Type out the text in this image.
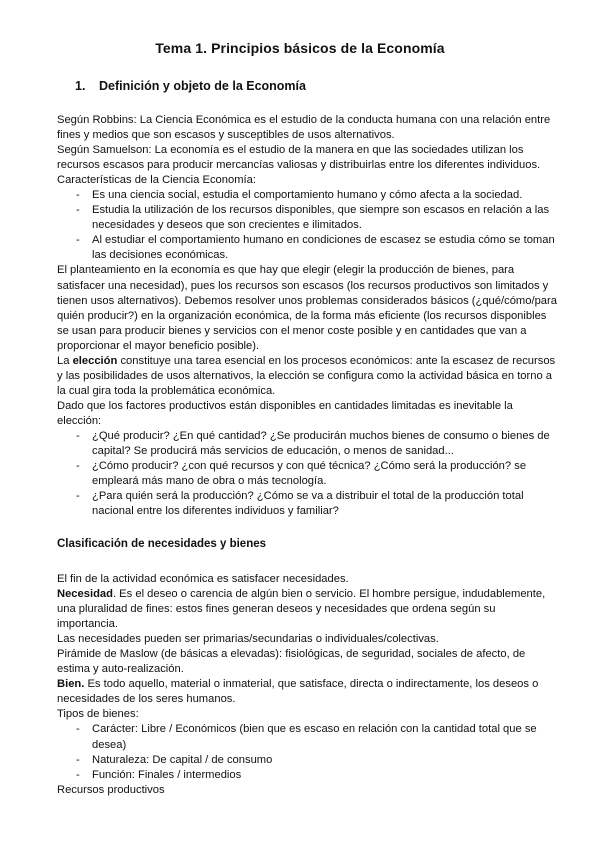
Tema 1. Principios básicos de la Economía
1. Definición y objeto de la Economía
Según Robbins: La Ciencia Económica es el estudio de la conducta humana con una relación entre fines y medios que son escasos y susceptibles de usos alternativos.
Según Samuelson: La economía es el estudio de la manera en que las sociedades utilizan los recursos escasos para producir mercancías valiosas y distribuirlas entre los diferentes individuos.
Características de la Ciencia Economía:
- Es una ciencia social, estudia el comportamiento humano y cómo afecta a la sociedad.
- Estudia la utilización de los recursos disponibles, que siempre son escasos en relación a las necesidades y deseos que son crecientes e ilimitados.
- Al estudiar el comportamiento humano en condiciones de escasez se estudia cómo se toman las decisiones económicas.
El planteamiento en la economía es que hay que elegir (elegir la producción de bienes, para satisfacer una necesidad), pues los recursos son escasos (los recursos productivos son limitados y tienen usos alternativos). Debemos resolver unos problemas considerados básicos (¿qué/cómo/para quién producir?) en la organización económica, de la forma más eficiente (los recursos disponibles se usan para producir bienes y servicios con el menor coste posible y en cantidades que van a proporcionar el mayor beneficio posible).
La elección constituye una tarea esencial en los procesos económicos: ante la escasez de recursos y las posibilidades de usos alternativos, la elección se configura como la actividad básica en torno a la cual gira toda la problemática económica.
Dado que los factores productivos están disponibles en cantidades limitadas es inevitable la elección:
- ¿Qué producir? ¿En qué cantidad? ¿Se producirán muchos bienes de consumo o bienes de capital? Se producirá más servicios de educación, o menos de sanidad...
- ¿Cómo producir? ¿con qué recursos y con qué técnica? ¿Cómo será la producción? se empleará más mano de obra o más tecnología.
- ¿Para quién será la producción? ¿Cómo se va a distribuir el total de la producción total nacional entre los diferentes individuos y familiar?
Clasificación de necesidades y bienes
El fin de la actividad económica es satisfacer necesidades.
Necesidad. Es el deseo o carencia de algún bien o servicio. El hombre persigue, indudablemente, una pluralidad de fines: estos fines generan deseos y necesidades que ordena según su importancia.
Las necesidades pueden ser primarias/secundarias o individuales/colectivas.
Pirámide de Maslow (de básicas a elevadas): fisiológicas, de seguridad, sociales de afecto, de estima y auto-realización.
Bien. Es todo aquello, material o inmaterial, que satisface, directa o indirectamente, los deseos o necesidades de los seres humanos.
Tipos de bienes:
- Carácter: Libre / Económicos (bien que es escaso en relación con la cantidad total que se desea)
- Naturaleza: De capital / de consumo
- Función: Finales / intermedios
Recursos productivos
